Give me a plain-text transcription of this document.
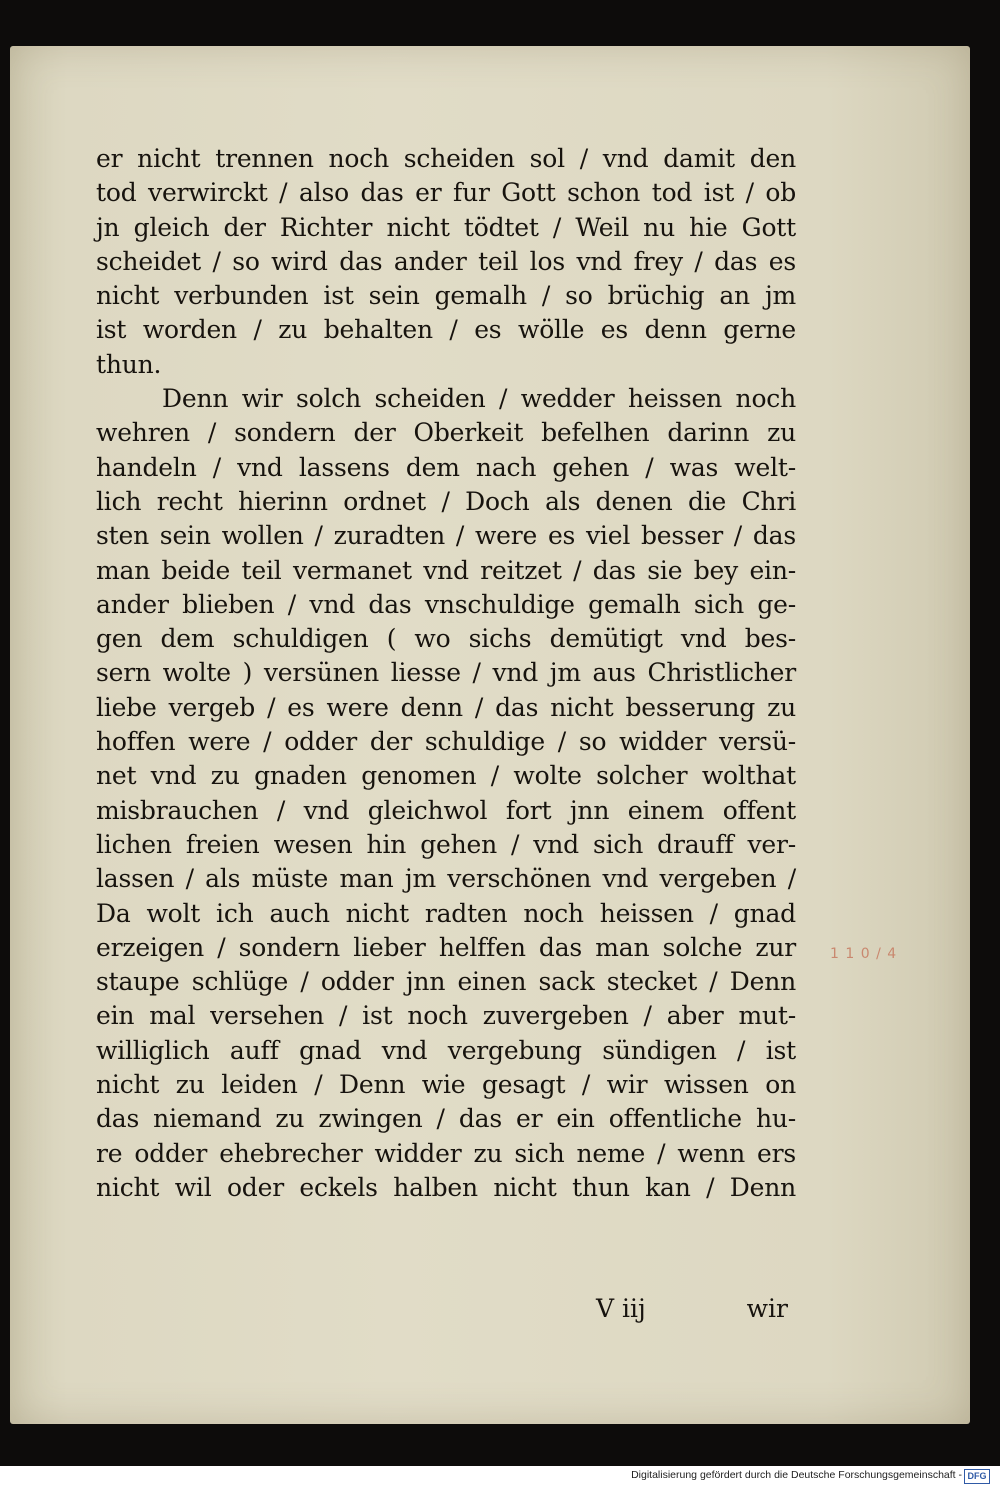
er nicht trennen noch scheiden sol / vnd damit den
tod verwirckt / also das er fur Gott schon tod ist / ob
jn gleich der Richter nicht tödtet / Weil nu hie Gott
scheidet / so wird das ander teil los vnd frey / das es
nicht verbunden ist sein gemalh / so brüchig an jm
ist worden / zu behalten / es wölle es denn gerne
thun.
Denn wir solch scheiden / wedder heissen noch
wehren / sondern der Oberkeit befelhen darinn zu
handeln / vnd lassens dem nach gehen / was welt-
lich recht hierinn ordnet / Doch als denen die Chri
sten sein wollen / zuradten / were es viel besser / das
man beide teil vermanet vnd reitzet / das sie bey ein-
ander blieben / vnd das vnschuldige gemalh sich ge-
gen dem schuldigen ( wo sichs demütigt vnd bes-
sern wolte ) versünen liesse / vnd jm aus Christlicher
liebe vergeb / es were denn / das nicht besserung zu
hoffen were / odder der schuldige / so widder versü-
net vnd zu gnaden genomen / wolte solcher wolthat
misbrauchen / vnd gleichwol fort jnn einem offent
lichen freien wesen hin gehen / vnd sich drauff ver-
lassen / als müste man jm verschönen vnd vergeben /
Da wolt ich auch nicht radten noch heissen / gnad
erzeigen / sondern lieber helffen das man solche zur
staupe schlüge / odder jnn einen sack stecket / Denn
ein mal versehen / ist noch zuvergeben / aber mut-
williglich auff gnad vnd vergebung sündigen / ist
nicht zu leiden / Denn wie gesagt / wir wissen on
das niemand zu zwingen / das er ein offentliche hu-
re odder ehebrecher widder zu sich neme / wenn ers
nicht wil oder eckels halben nicht thun kan / Denn
V iij	wir
1 1 0 / 4
Digitalisierung gefördert durch die Deutsche Forschungsgemeinschaft - DFG
